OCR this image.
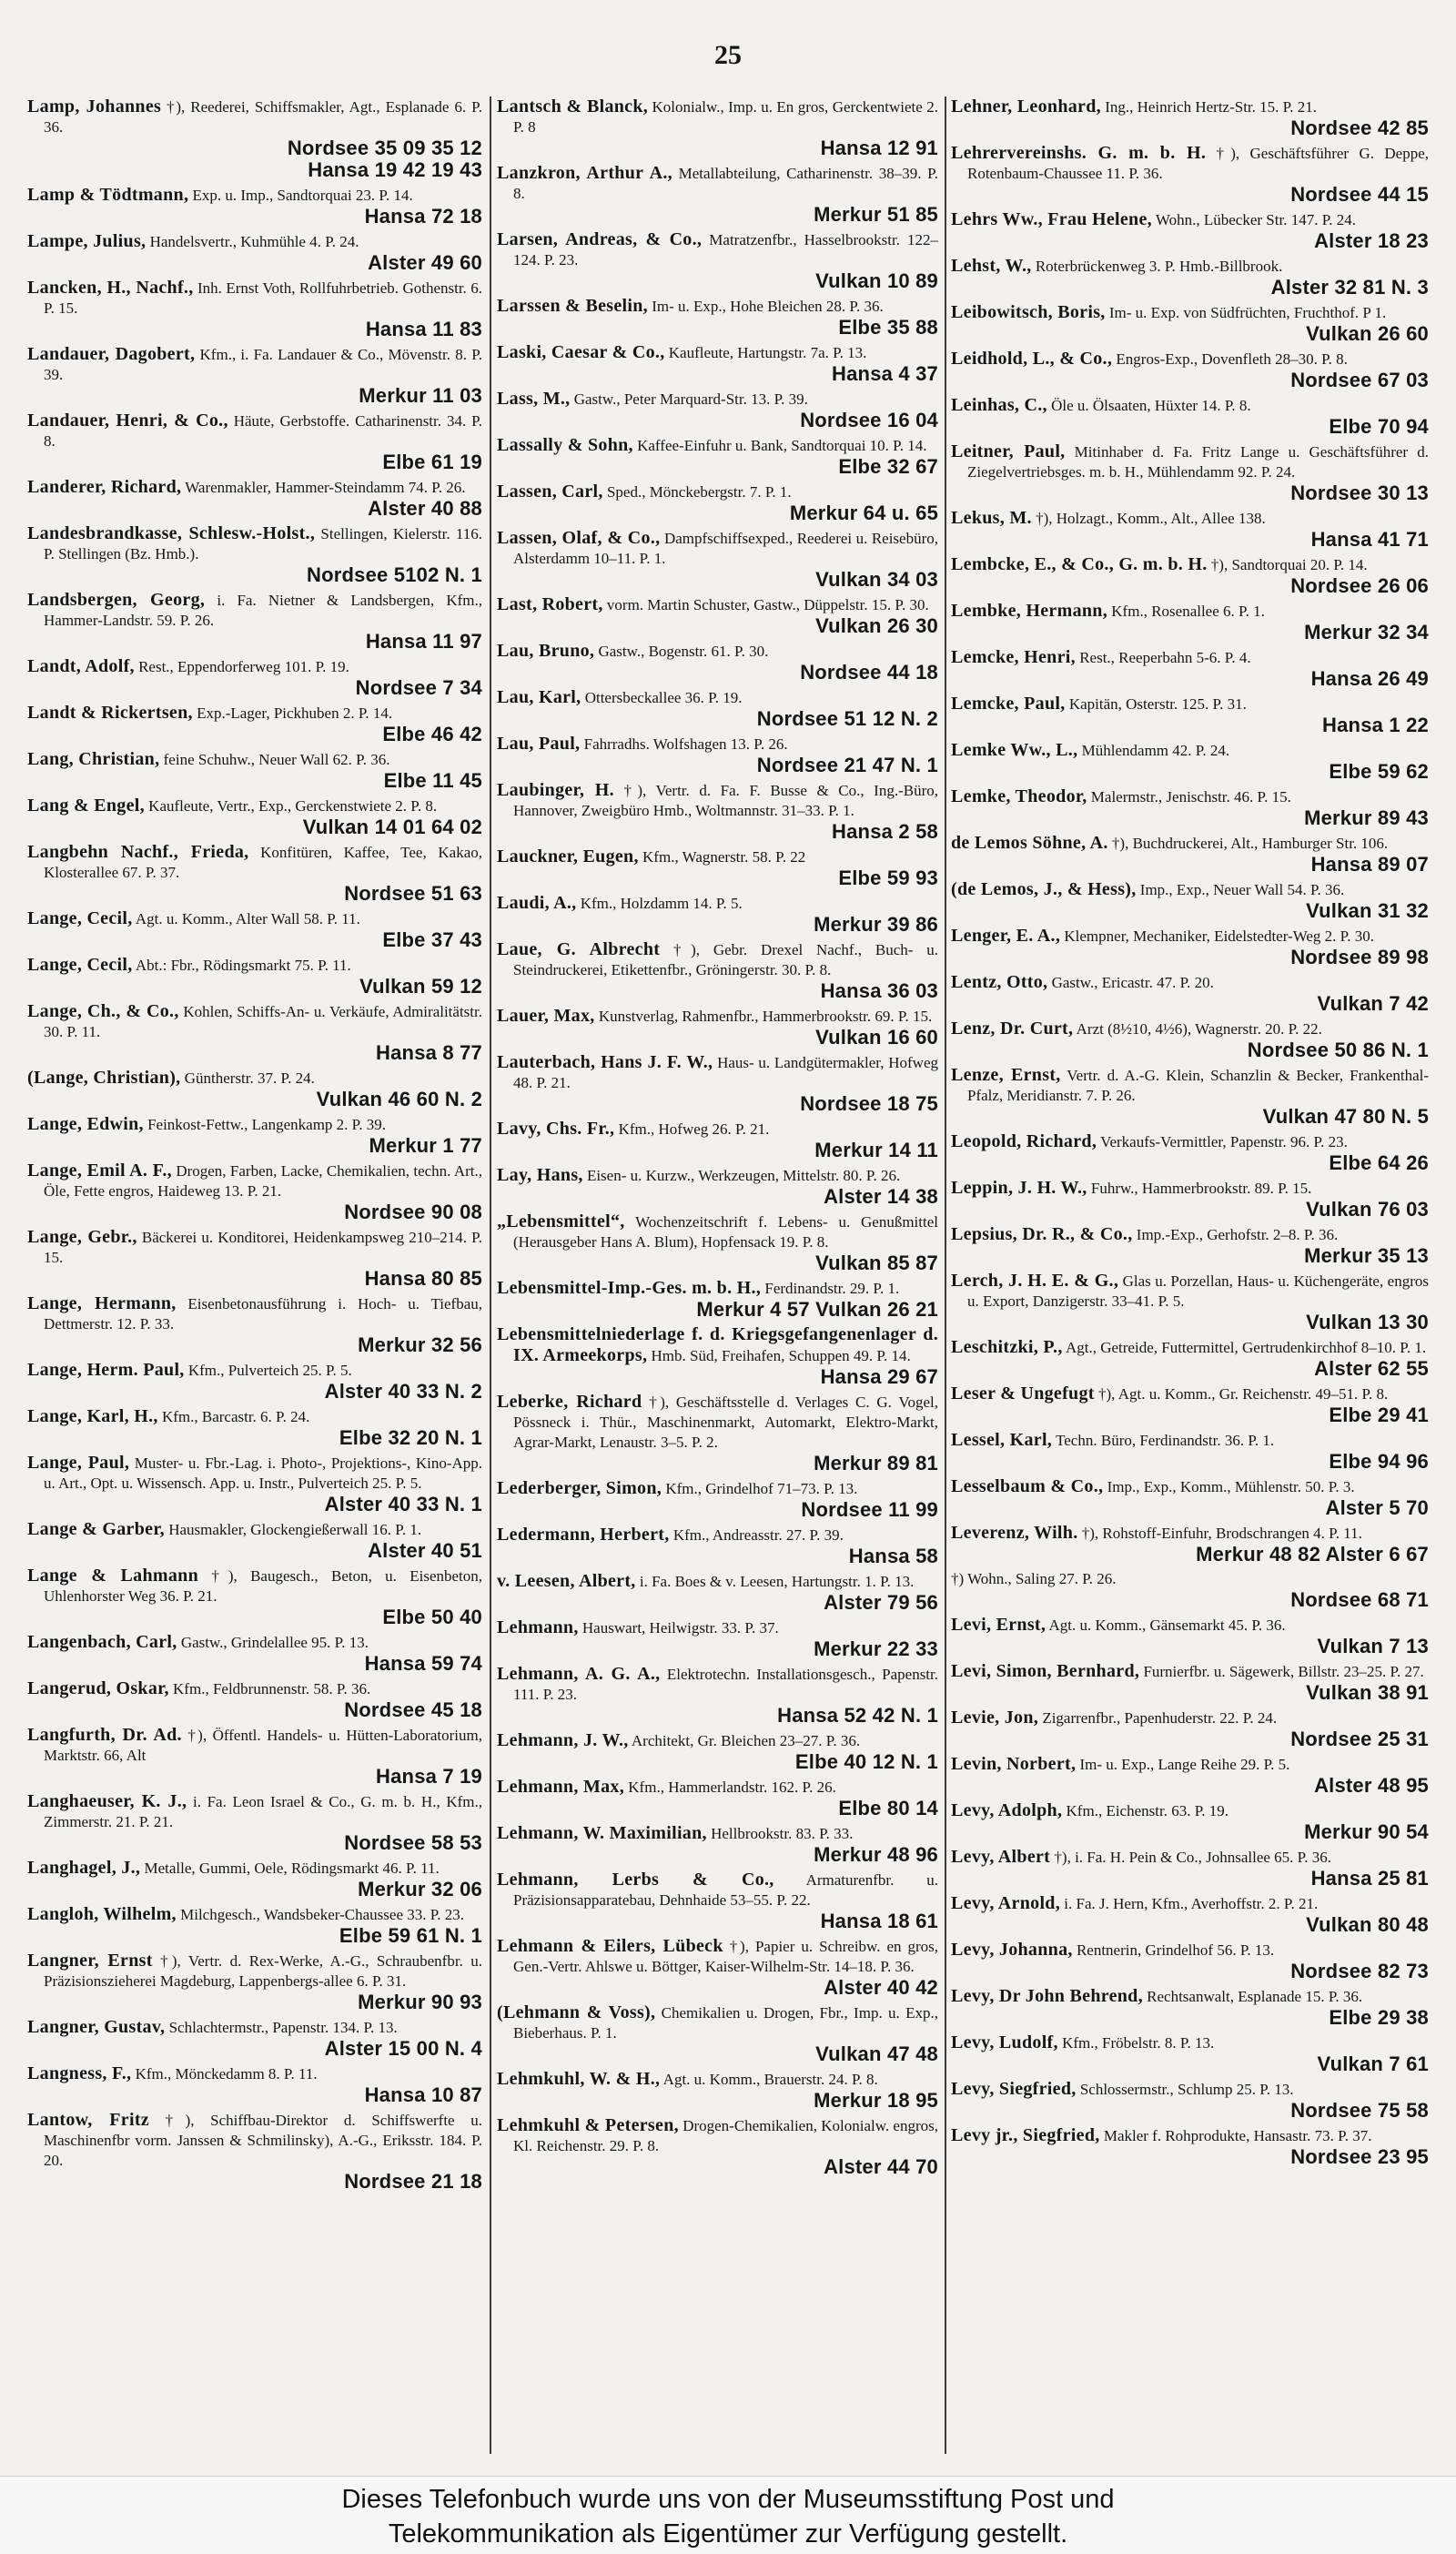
25
Lamp, Johannes †), Reederei, Schiffsmakler, Agt., Esplanade 6. P. 36.
Nordsee 35 09 35 12
Hansa 19 42 19 43
Lamp & Tödtmann, Exp. u. Imp., Sandtorquai 23. P. 14.
Hansa 72 18
Lampe, Julius, Handelsvertr., Kuhmühle 4. P. 24.
Alster 49 60
Lancken, H., Nachf., Inh. Ernst Voth, Rollfuhrbetrieb. Gothenstr. 6. P. 15.
Hansa 11 83
Landauer, Dagobert, Kfm., i. Fa. Landauer & Co., Mövenstr. 8. P. 39.
Merkur 11 03
Landauer, Henri, & Co., Häute, Gerbstoffe. Catharinenstr. 34. P. 8.
Elbe 61 19
Landerer, Richard, Warenmakler, Hammer-Steindamm 74. P. 26.
Alster 40 88
Landesbrandkasse, Schlesw.-Holst., Stellingen, Kielerstr. 116. P. Stellingen (Bz. Hmb.).
Nordsee 5102 N. 1
Landsbergen, Georg, i. Fa. Nietner & Landsbergen, Kfm., Hammer-Landstr. 59. P. 26.
Hansa 11 97
Landt, Adolf, Rest., Eppendorferweg 101. P. 19.
Nordsee 7 34
Landt & Rickertsen, Exp.-Lager, Pickhuben 2. P. 14.
Elbe 46 42
Lang, Christian, feine Schuhw., Neuer Wall 62. P. 36.
Elbe 11 45
Lang & Engel, Kaufleute, Vertr., Exp., Gerckenstwiete 2. P. 8.
Vulkan 14 01 64 02
Langbehn Nachf., Frieda, Konfitüren, Kaffee, Tee, Kakao, Klosterallee 67. P. 37.
Nordsee 51 63
Lange, Cecil, Agt. u. Komm., Alter Wall 58. P. 11.
Elbe 37 43
Lange, Cecil, Abt.: Fbr., Rödingsmarkt 75. P. 11.
Vulkan 59 12
Lange, Ch., & Co., Kohlen, Schiffs-An- u. Verkäufe, Admiralitätstr. 30. P. 11.
Hansa 8 77
(Lange, Christian), Güntherstr. 37. P. 24.
Vulkan 46 60 N. 2
Lange, Edwin, Feinkost-Fettw., Langenkamp 2. P. 39.
Merkur 1 77
Lange, Emil A. F., Drogen, Farben, Lacke, Chemikalien, techn. Art., Öle, Fette engros, Haideweg 13. P. 21.
Nordsee 90 08
Lange, Gebr., Bäckerei u. Konditorei, Heidenkampsweg 210–214. P. 15.
Hansa 80 85
Lange, Hermann, Eisenbetonausführung i. Hoch- u. Tiefbau, Dettmerstr. 12. P. 33.
Merkur 32 56
Lange, Herm. Paul, Kfm., Pulverteich 25. P. 5.
Alster 40 33 N. 2
Lange, Karl, H., Kfm., Barcastr. 6. P. 24.
Elbe 32 20 N. 1
Lange, Paul, Muster- u. Fbr.-Lag. i. Photo-, Projektions-, Kino-App. u. Art., Opt. u. Wissensch. App. u. Instr., Pulverteich 25. P. 5.
Alster 40 33 N. 1
Lange & Garber, Hausmakler, Glockengießerwall 16. P. 1.
Alster 40 51
Lange & Lahmann †), Baugesch., Beton, u. Eisenbeton, Uhlenhorster Weg 36. P. 21.
Elbe 50 40
Langenbach, Carl, Gastw., Grindelallee 95. P. 13.
Hansa 59 74
Langerud, Oskar, Kfm., Feldbrunnenstr. 58. P. 36.
Nordsee 45 18
Langfurth, Dr. Ad. †), Öffentl. Handels- u. Hütten-Laboratorium, Marktstr. 66, Alt
Hansa 7 19
Langhaeuser, K. J., i. Fa. Leon Israel & Co., G. m. b. H., Kfm., Zimmerstr. 21. P. 21.
Nordsee 58 53
Langhagel, J., Metalle, Gummi, Oele, Rödingsmarkt 46. P. 11.
Merkur 32 06
Langloh, Wilhelm, Milchgesch., Wandsbeker-Chaussee 33. P. 23.
Elbe 59 61 N. 1
Langner, Ernst †), Vertr. d. Rex-Werke, A.-G., Schraubenfbr. u. Präzisionszieherei Magdeburg, Lappenbergs-allee 6. P. 31.
Merkur 90 93
Langner, Gustav, Schlachtermstr., Papenstr. 134. P. 13.
Alster 15 00 N. 4
Langness, F., Kfm., Mönckedamm 8. P. 11.
Hansa 10 87
Lantow, Fritz †), Schiffbau-Direktor d. Schiffswerfte u. Maschinenfbr vorm. Janssen & Schmilinsky), A.-G., Eriksstr. 184. P. 20.
Nordsee 21 18
Lantsch & Blanck, Kolonialw., Imp. u. En gros, Gerckentwiete 2. P. 8
Hansa 12 91
Lanzkron, Arthur A., Metallabteilung, Catharinenstr. 38–39. P. 8.
Merkur 51 85
Larsen, Andreas, & Co., Matratzenfbr., Hasselbrookstr. 122–124. P. 23.
Vulkan 10 89
Larssen & Beselin, Im- u. Exp., Hohe Bleichen 28. P. 36.
Elbe 35 88
Laski, Caesar & Co., Kaufleute, Hartungstr. 7a. P. 13.
Hansa 4 37
Lass, M., Gastw., Peter Marquard-Str. 13. P. 39.
Nordsee 16 04
Lassally & Sohn, Kaffee-Einfuhr u. Bank, Sandtorquai 10. P. 14.
Elbe 32 67
Lassen, Carl, Sped., Mönckebergstr. 7. P. 1.
Merkur 64 u. 65
Lassen, Olaf, & Co., Dampfschiffsexped., Reederei u. Reisebüro, Alsterdamm 10–11. P. 1.
Vulkan 34 03
Last, Robert, vorm. Martin Schuster, Gastw., Düppelstr. 15. P. 30.
Vulkan 26 30
Lau, Bruno, Gastw., Bogenstr. 61. P. 30.
Nordsee 44 18
Lau, Karl, Ottersbeckallee 36. P. 19.
Nordsee 51 12 N. 2
Lau, Paul, Fahrradhs. Wolfshagen 13. P. 26.
Nordsee 21 47 N. 1
Laubinger, H. †), Vertr. d. Fa. F. Busse & Co., Ing.-Büro, Hannover, Zweigbüro Hmb., Woltmannstr. 31–33. P. 1.
Hansa 2 58
Lauckner, Eugen, Kfm., Wagnerstr. 58. P. 22
Elbe 59 93
Laudi, A., Kfm., Holzdamm 14. P. 5.
Merkur 39 86
Laue, G. Albrecht †), Gebr. Drexel Nachf., Buch- u. Steindruckerei, Etikettenfbr., Gröningerstr. 30. P. 8.
Hansa 36 03
Lauer, Max, Kunstverlag, Rahmenfbr., Hammerbrookstr. 69. P. 15.
Vulkan 16 60
Lauterbach, Hans J. F. W., Haus- u. Landgütermakler, Hofweg 48. P. 21.
Nordsee 18 75
Lavy, Chs. Fr., Kfm., Hofweg 26. P. 21.
Merkur 14 11
Lay, Hans, Eisen- u. Kurzw., Werkzeugen, Mittelstr. 80. P. 26.
Alster 14 38
„Lebensmittel“, Wochenzeitschrift f. Lebens- u. Genußmittel (Herausgeber Hans A. Blum), Hopfensack 19. P. 8.
Vulkan 85 87
Lebensmittel-Imp.-Ges. m. b. H., Ferdinandstr. 29. P. 1.
Merkur 4 57 Vulkan 26 21
Lebensmittelniederlage f. d. Kriegsgefangenenlager d. IX. Armeekorps, Hmb. Süd, Freihafen, Schuppen 49. P. 14.
Hansa 29 67
Leberke, Richard †), Geschäftsstelle d. Verlages C. G. Vogel, Pössneck i. Thür., Maschinenmarkt, Automarkt, Elektro-Markt, Agrar-Markt, Lenaustr. 3–5. P. 2.
Merkur 89 81
Lederberger, Simon, Kfm., Grindelhof 71–73. P. 13.
Nordsee 11 99
Ledermann, Herbert, Kfm., Andreasstr. 27. P. 39.
Hansa 58
v. Leesen, Albert, i. Fa. Boes & v. Leesen, Hartungstr. 1. P. 13.
Alster 79 56
Lehmann, Hauswart, Heilwigstr. 33. P. 37.
Merkur 22 33
Lehmann, A. G. A., Elektrotechn. Installationsgesch., Papenstr. 111. P. 23.
Hansa 52 42 N. 1
Lehmann, J. W., Architekt, Gr. Bleichen 23–27. P. 36.
Elbe 40 12 N. 1
Lehmann, Max, Kfm., Hammerlandstr. 162. P. 26.
Elbe 80 14
Lehmann, W. Maximilian, Hellbrookstr. 83. P. 33.
Merkur 48 96
Lehmann, Lerbs & Co., Armaturenfbr. u. Präzisionsapparatebau, Dehnhaide 53–55. P. 22.
Hansa 18 61
Lehmann & Eilers, Lübeck †), Papier u. Schreibw. en gros, Gen.-Vertr. Ahlswe u. Böttger, Kaiser-Wilhelm-Str. 14–18. P. 36.
Alster 40 42
(Lehmann & Voss), Chemikalien u. Drogen, Fbr., Imp. u. Exp., Bieberhaus. P. 1.
Vulkan 47 48
Lehmkuhl, W. & H., Agt. u. Komm., Brauerstr. 24. P. 8.
Merkur 18 95
Lehmkuhl & Petersen, Drogen-Chemikalien, Kolonialw. engros, Kl. Reichenstr. 29. P. 8.
Alster 44 70
Lehner, Leonhard, Ing., Heinrich Hertz-Str. 15. P. 21.
Nordsee 42 85
Lehrervereinshs. G. m. b. H. †), Geschäftsführer G. Deppe, Rotenbaum-Chaussee 11. P. 36.
Nordsee 44 15
Lehrs Ww., Frau Helene, Wohn., Lübecker Str. 147. P. 24.
Alster 18 23
Lehst, W., Roterbrückenweg 3. P. Hmb.-Billbrook.
Alster 32 81 N. 3
Leibowitsch, Boris, Im- u. Exp. von Südfrüchten, Fruchthof. P 1.
Vulkan 26 60
Leidhold, L., & Co., Engros-Exp., Dovenfleth 28–30. P. 8.
Nordsee 67 03
Leinhas, C., Öle u. Ölsaaten, Hüxter 14. P. 8.
Elbe 70 94
Leitner, Paul, Mitinhaber d. Fa. Fritz Lange u. Geschäftsführer d. Ziegelvertriebsges. m. b. H., Mühlendamm 92. P. 24.
Nordsee 30 13
Lekus, M. †), Holzagt., Komm., Alt., Allee 138.
Hansa 41 71
Lembcke, E., & Co., G. m. b. H. †), Sandtorquai 20. P. 14.
Nordsee 26 06
Lembke, Hermann, Kfm., Rosenallee 6. P. 1.
Merkur 32 34
Lemcke, Henri, Rest., Reeperbahn 5-6. P. 4.
Hansa 26 49
Lemcke, Paul, Kapitän, Osterstr. 125. P. 31.
Hansa 1 22
Lemke Ww., L., Mühlendamm 42. P. 24.
Elbe 59 62
Lemke, Theodor, Malermstr., Jenischstr. 46. P. 15.
Merkur 89 43
de Lemos Söhne, A. †), Buchdruckerei, Alt., Hamburger Str. 106.
Hansa 89 07
(de Lemos, J., & Hess), Imp., Exp., Neuer Wall 54. P. 36.
Vulkan 31 32
Lenger, E. A., Klempner, Mechaniker, Eidelstedter-Weg 2. P. 30.
Nordsee 89 98
Lentz, Otto, Gastw., Ericastr. 47. P. 20.
Vulkan 7 42
Lenz, Dr. Curt, Arzt (8½10, 4½6), Wagnerstr. 20. P. 22.
Nordsee 50 86 N. 1
Lenze, Ernst, Vertr. d. A.-G. Klein, Schanzlin & Becker, Frankenthal-Pfalz, Meridianstr. 7. P. 26.
Vulkan 47 80 N. 5
Leopold, Richard, Verkaufs-Vermittler, Papenstr. 96. P. 23.
Elbe 64 26
Leppin, J. H. W., Fuhrw., Hammerbrookstr. 89. P. 15.
Vulkan 76 03
Lepsius, Dr. R., & Co., Imp.-Exp., Gerhofstr. 2–8. P. 36.
Merkur 35 13
Lerch, J. H. E. & G., Glas u. Porzellan, Haus- u. Küchengeräte, engros u. Export, Danzigerstr. 33–41. P. 5.
Vulkan 13 30
Leschitzki, P., Agt., Getreide, Futtermittel, Gertrudenkirchhof 8–10. P. 1.
Alster 62 55
Leser & Ungefugt †), Agt. u. Komm., Gr. Reichenstr. 49–51. P. 8.
Elbe 29 41
Lessel, Karl, Techn. Büro, Ferdinandstr. 36. P. 1.
Elbe 94 96
Lesselbaum & Co., Imp., Exp., Komm., Mühlenstr. 50. P. 3.
Alster 5 70
Leverenz, Wilh. †), Rohstoff-Einfuhr, Brodschrangen 4. P. 11.
Merkur 48 82 Alster 6 67
†) Wohn., Saling 27. P. 26.
Nordsee 68 71
Levi, Ernst, Agt. u. Komm., Gänsemarkt 45. P. 36.
Vulkan 7 13
Levi, Simon, Bernhard, Furnierfbr. u. Sägewerk, Billstr. 23–25. P. 27.
Vulkan 38 91
Levie, Jon, Zigarrenfbr., Papenhuderstr. 22. P. 24.
Nordsee 25 31
Levin, Norbert, Im- u. Exp., Lange Reihe 29. P. 5.
Alster 48 95
Levy, Adolph, Kfm., Eichenstr. 63. P. 19.
Merkur 90 54
Levy, Albert †), i. Fa. H. Pein & Co., Johnsallee 65. P. 36.
Hansa 25 81
Levy, Arnold, i. Fa. J. Hern, Kfm., Averhoffstr. 2. P. 21.
Vulkan 80 48
Levy, Johanna, Rentnerin, Grindelhof 56. P. 13.
Nordsee 82 73
Levy, Dr John Behrend, Rechtsanwalt, Esplanade 15. P. 36.
Elbe 29 38
Levy, Ludolf, Kfm., Fröbelstr. 8. P. 13.
Vulkan 7 61
Levy, Siegfried, Schlossermstr., Schlump 25. P. 13.
Nordsee 75 58
Levy jr., Siegfried, Makler f. Rohprodukte, Hansastr. 73. P. 37.
Nordsee 23 95
Dieses Telefonbuch wurde uns von der Museumsstiftung Post und
Telekommunikation als Eigentümer zur Verfügung gestellt.
